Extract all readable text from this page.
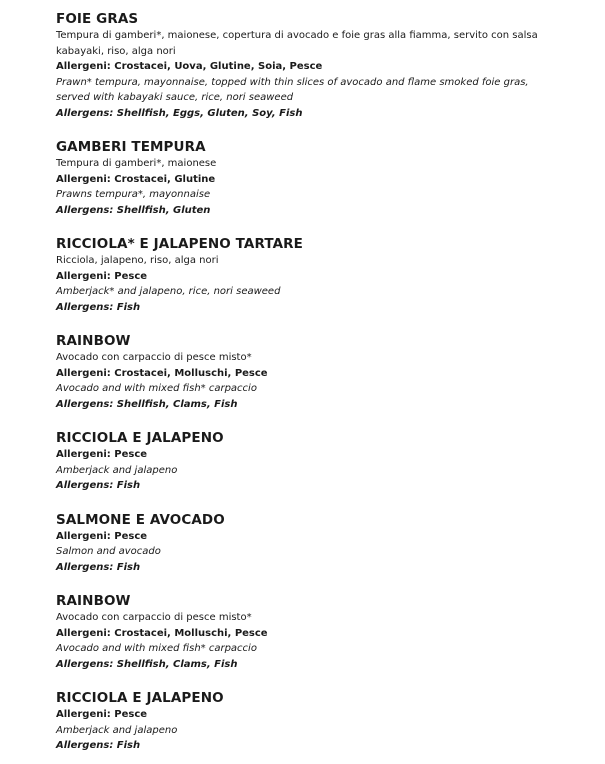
FOIE GRAS
Tempura di gamberi*, maionese, copertura di avocado e foie gras alla fiamma, servito con salsa kabayaki, riso, alga nori
Allergeni: Crostacei, Uova, Glutine, Soia, Pesce
Prawn* tempura, mayonnaise, topped with thin slices of avocado and flame smoked foie gras, served with kabayaki sauce, rice, nori seaweed
Allergens: Shellfish, Eggs, Gluten, Soy, Fish
GAMBERI TEMPURA
Tempura di gamberi*, maionese
Allergeni: Crostacei, Glutine
Prawns tempura*, mayonnaise
Allergens: Shellfish, Gluten
RICCIOLA* E JALAPENO TARTARE
Ricciola, jalapeno, riso, alga nori
Allergeni: Pesce
Amberjack* and jalapeno, rice, nori seaweed
Allergens: Fish
RAINBOW
Avocado con carpaccio di pesce misto*
Allergeni: Crostacei, Molluschi, Pesce
Avocado and with mixed fish* carpaccio
Allergens: Shellfish, Clams, Fish
RICCIOLA E JALAPENO
Allergeni: Pesce
Amberjack and jalapeno
Allergens: Fish
SALMONE E AVOCADO
Allergeni: Pesce
Salmon and avocado
Allergens: Fish
RAINBOW
Avocado con carpaccio di pesce misto*
Allergeni: Crostacei, Molluschi, Pesce
Avocado and with mixed fish* carpaccio
Allergens: Shellfish, Clams, Fish
RICCIOLA E JALAPENO
Allergeni: Pesce
Amberjack and jalapeno
Allergens: Fish
